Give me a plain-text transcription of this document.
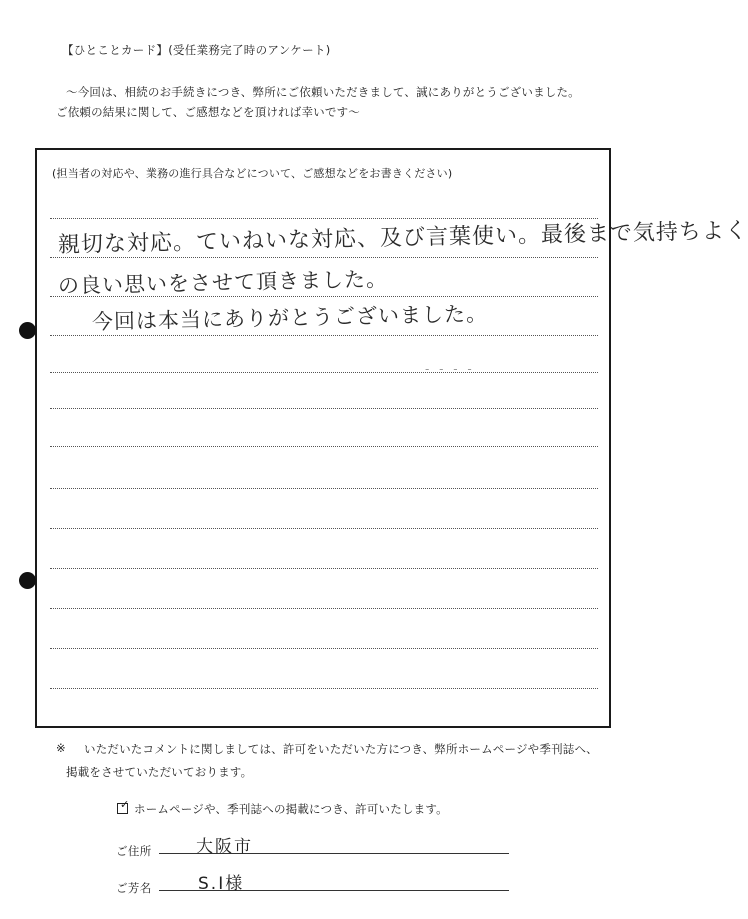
【ひとことカード】(受任業務完了時のアンケート)
〜今回は、相続のお手続きにつき、弊所にご依頼いただきまして、誠にありがとうございました。
ご依頼の結果に関して、ご感想などを頂ければ幸いです〜
(担当者の対応や、業務の進行具合などについて、ご感想などをお書きください)
親切な対応。ていねいな対応、及び言葉使い。最後まで気持ちよく
の良い思いをさせて頂きました。
今回は本当にありがとうございました。
- - - -
※ いただいたコメントに関しましては、許可をいただいた方につき、弊所ホームページや季刊誌へ、
掲載をさせていただいております。
✓ ホームページや、季刊誌への掲載につき、許可いたします。
ご住所	大阪市
ご芳名	S.I様
